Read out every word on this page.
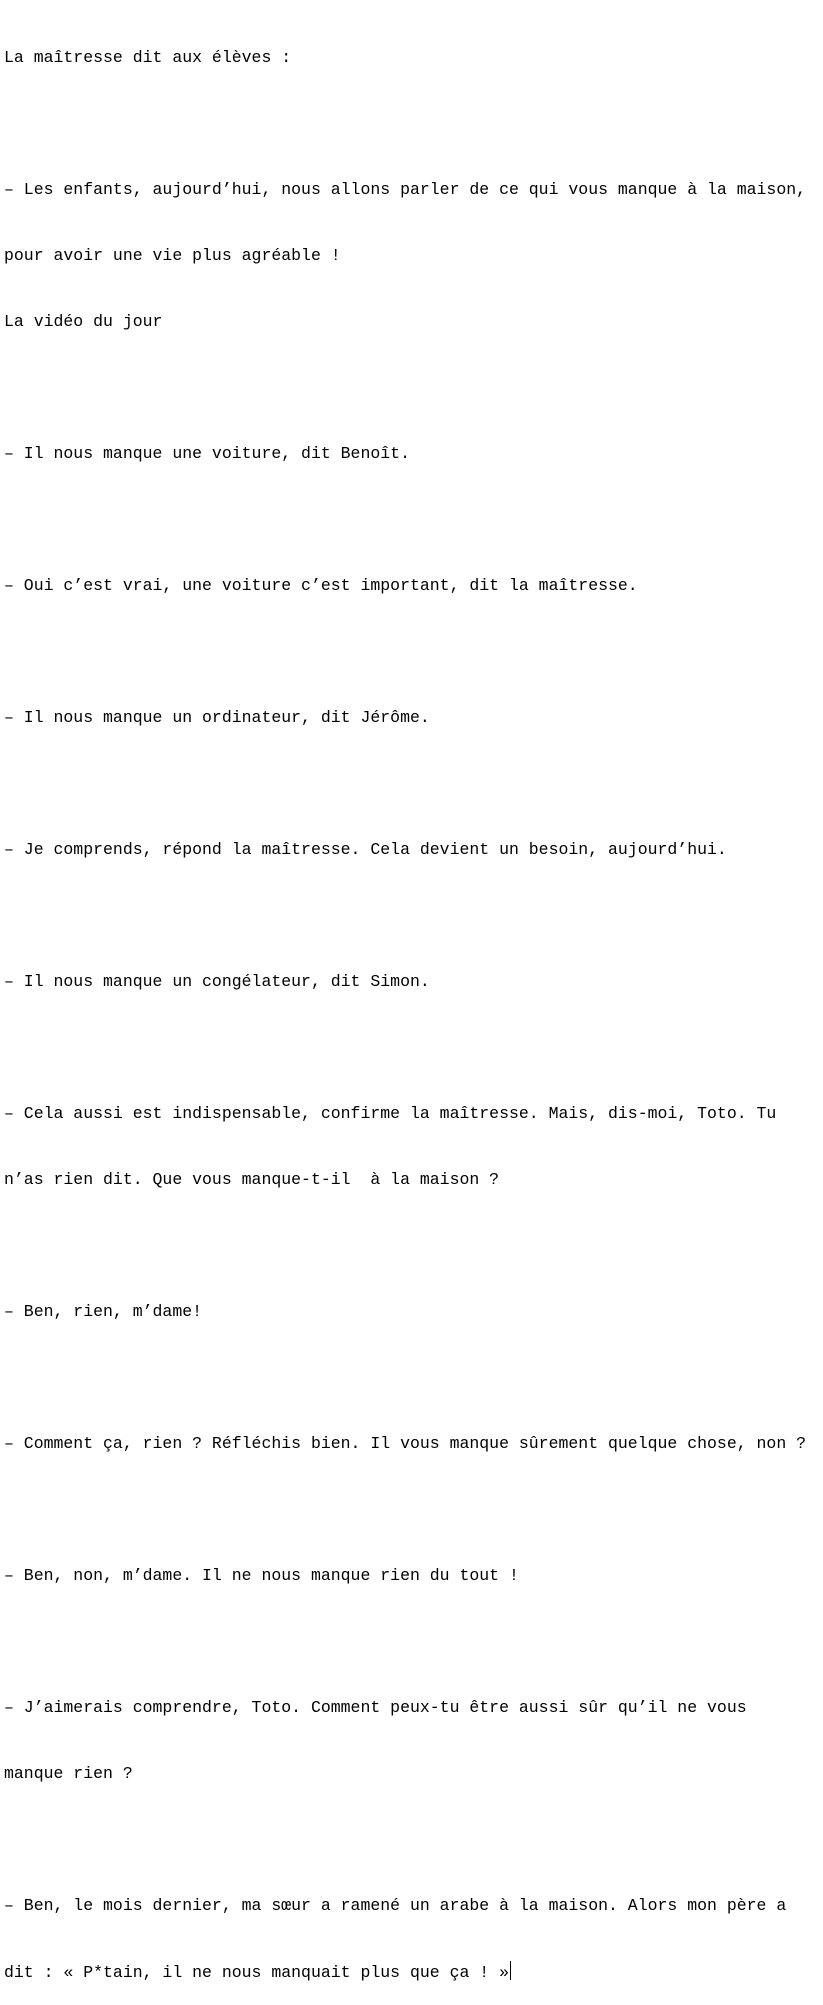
La maîtresse dit aux élèves :

– Les enfants, aujourd’hui, nous allons parler de ce qui vous manque à la maison,

pour avoir une vie plus agréable !

La vidéo du jour

– Il nous manque une voiture, dit Benoît.

– Oui c’est vrai, une voiture c’est important, dit la maîtresse.

– Il nous manque un ordinateur, dit Jérôme.

– Je comprends, répond la maîtresse. Cela devient un besoin, aujourd’hui.

– Il nous manque un congélateur, dit Simon.

– Cela aussi est indispensable, confirme la maîtresse. Mais, dis-moi, Toto. Tu

n’as rien dit. Que vous manque-t-il  à la maison ?

– Ben, rien, m’dame!

– Comment ça, rien ? Réfléchis bien. Il vous manque sûrement quelque chose, non ?

– Ben, non, m’dame. Il ne nous manque rien du tout !

– J’aimerais comprendre, Toto. Comment peux-tu être aussi sûr qu’il ne vous

manque rien ?

– Ben, le mois dernier, ma sœur a ramené un arabe à la maison. Alors mon père a

dit : « P*tain, il ne nous manquait plus que ça ! »
